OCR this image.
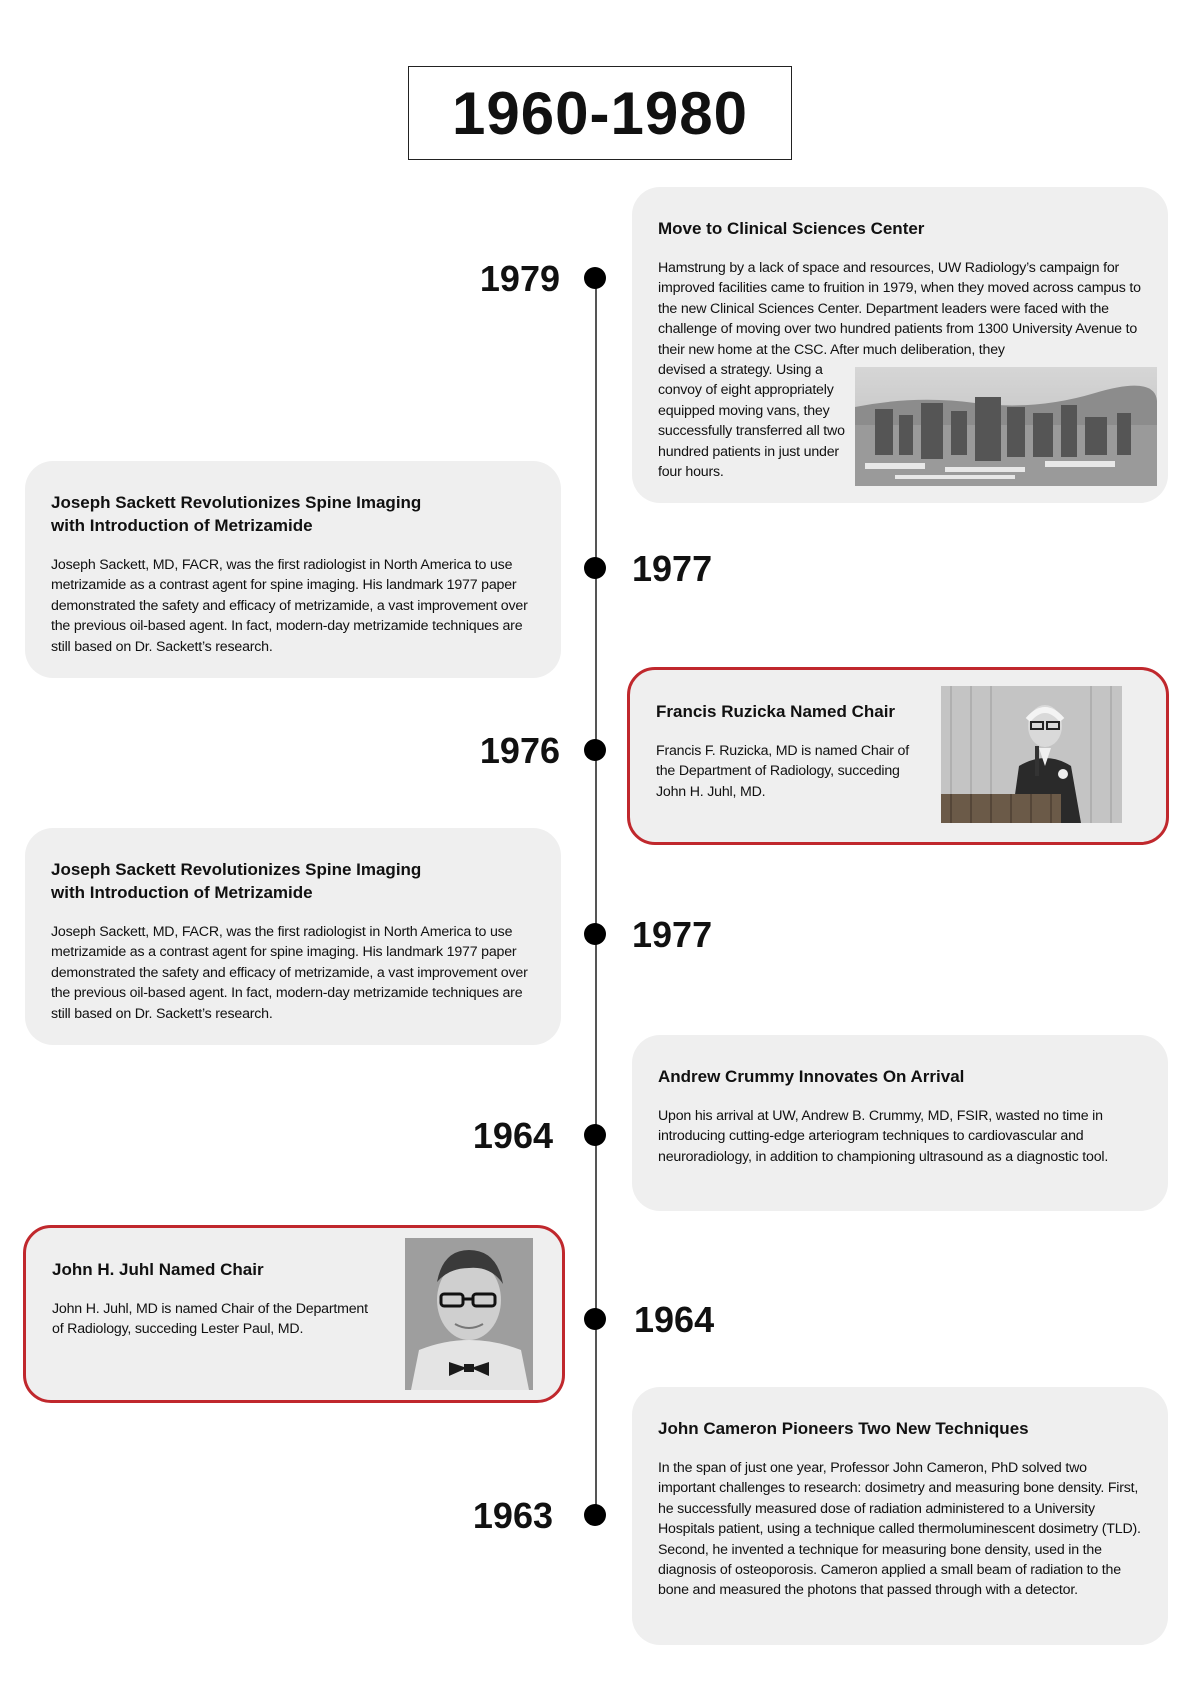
1960-1980
1979
Move to Clinical Sciences Center

Hamstrung by a lack of space and resources, UW Radiology’s campaign for improved facilities came to fruition in 1979, when they moved across campus to the new Clinical Sciences Center. Department leaders were faced with the challenge of moving over two hundred patients from 1300 University Avenue to their new home at the CSC. After much deliberation, they

devised a strategy. Using a convoy of eight appropriately equipped moving vans, they successfully transferred all two hundred patients in just under four hours.

1977
Joseph Sackett Revolutionizes Spine Imaging with Introduction of Metrizamide

Joseph Sackett, MD, FACR, was the first radiologist in North America to use metrizamide as a contrast agent for spine imaging. His landmark 1977 paper demonstrated the safety and efficacy of metrizamide, a vast improvement over the previous oil-based agent. In fact, modern-day metrizamide techniques are still based on Dr. Sackett’s research.

1976
Francis Ruzicka Named Chair

Francis F. Ruzicka, MD is named Chair of the Department of Radiology, succeding John H. Juhl, MD.

1977
Joseph Sackett Revolutionizes Spine Imaging with Introduction of Metrizamide

Joseph Sackett, MD, FACR, was the first radiologist in North America to use metrizamide as a contrast agent for spine imaging. His landmark 1977 paper demonstrated the safety and efficacy of metrizamide, a vast improvement over the previous oil-based agent. In fact, modern-day metrizamide techniques are still based on Dr. Sackett’s research.

1964
Andrew Crummy Innovates On Arrival

Upon his arrival at UW, Andrew B. Crummy, MD, FSIR, wasted no time in introducing cutting-edge arteriogram techniques to cardiovascular and neuroradiology, in addition to championing ultrasound as a diagnostic tool.

1964
John H. Juhl Named Chair

John H. Juhl, MD is named Chair of the Department of Radiology, succeding Lester Paul, MD.

1963
John Cameron Pioneers Two New Techniques

In the span of just one year, Professor John Cameron, PhD solved two important challenges to research: dosimetry and measuring bone density. First, he successfully measured dose of radiation administered to a University Hospitals patient, using a technique called thermoluminescent dosimetry (TLD). Second, he invented a technique for measuring bone density, used in the diagnosis of osteoporosis. Cameron applied a small beam of radiation to the bone and measured the photons that passed through with a detector.
